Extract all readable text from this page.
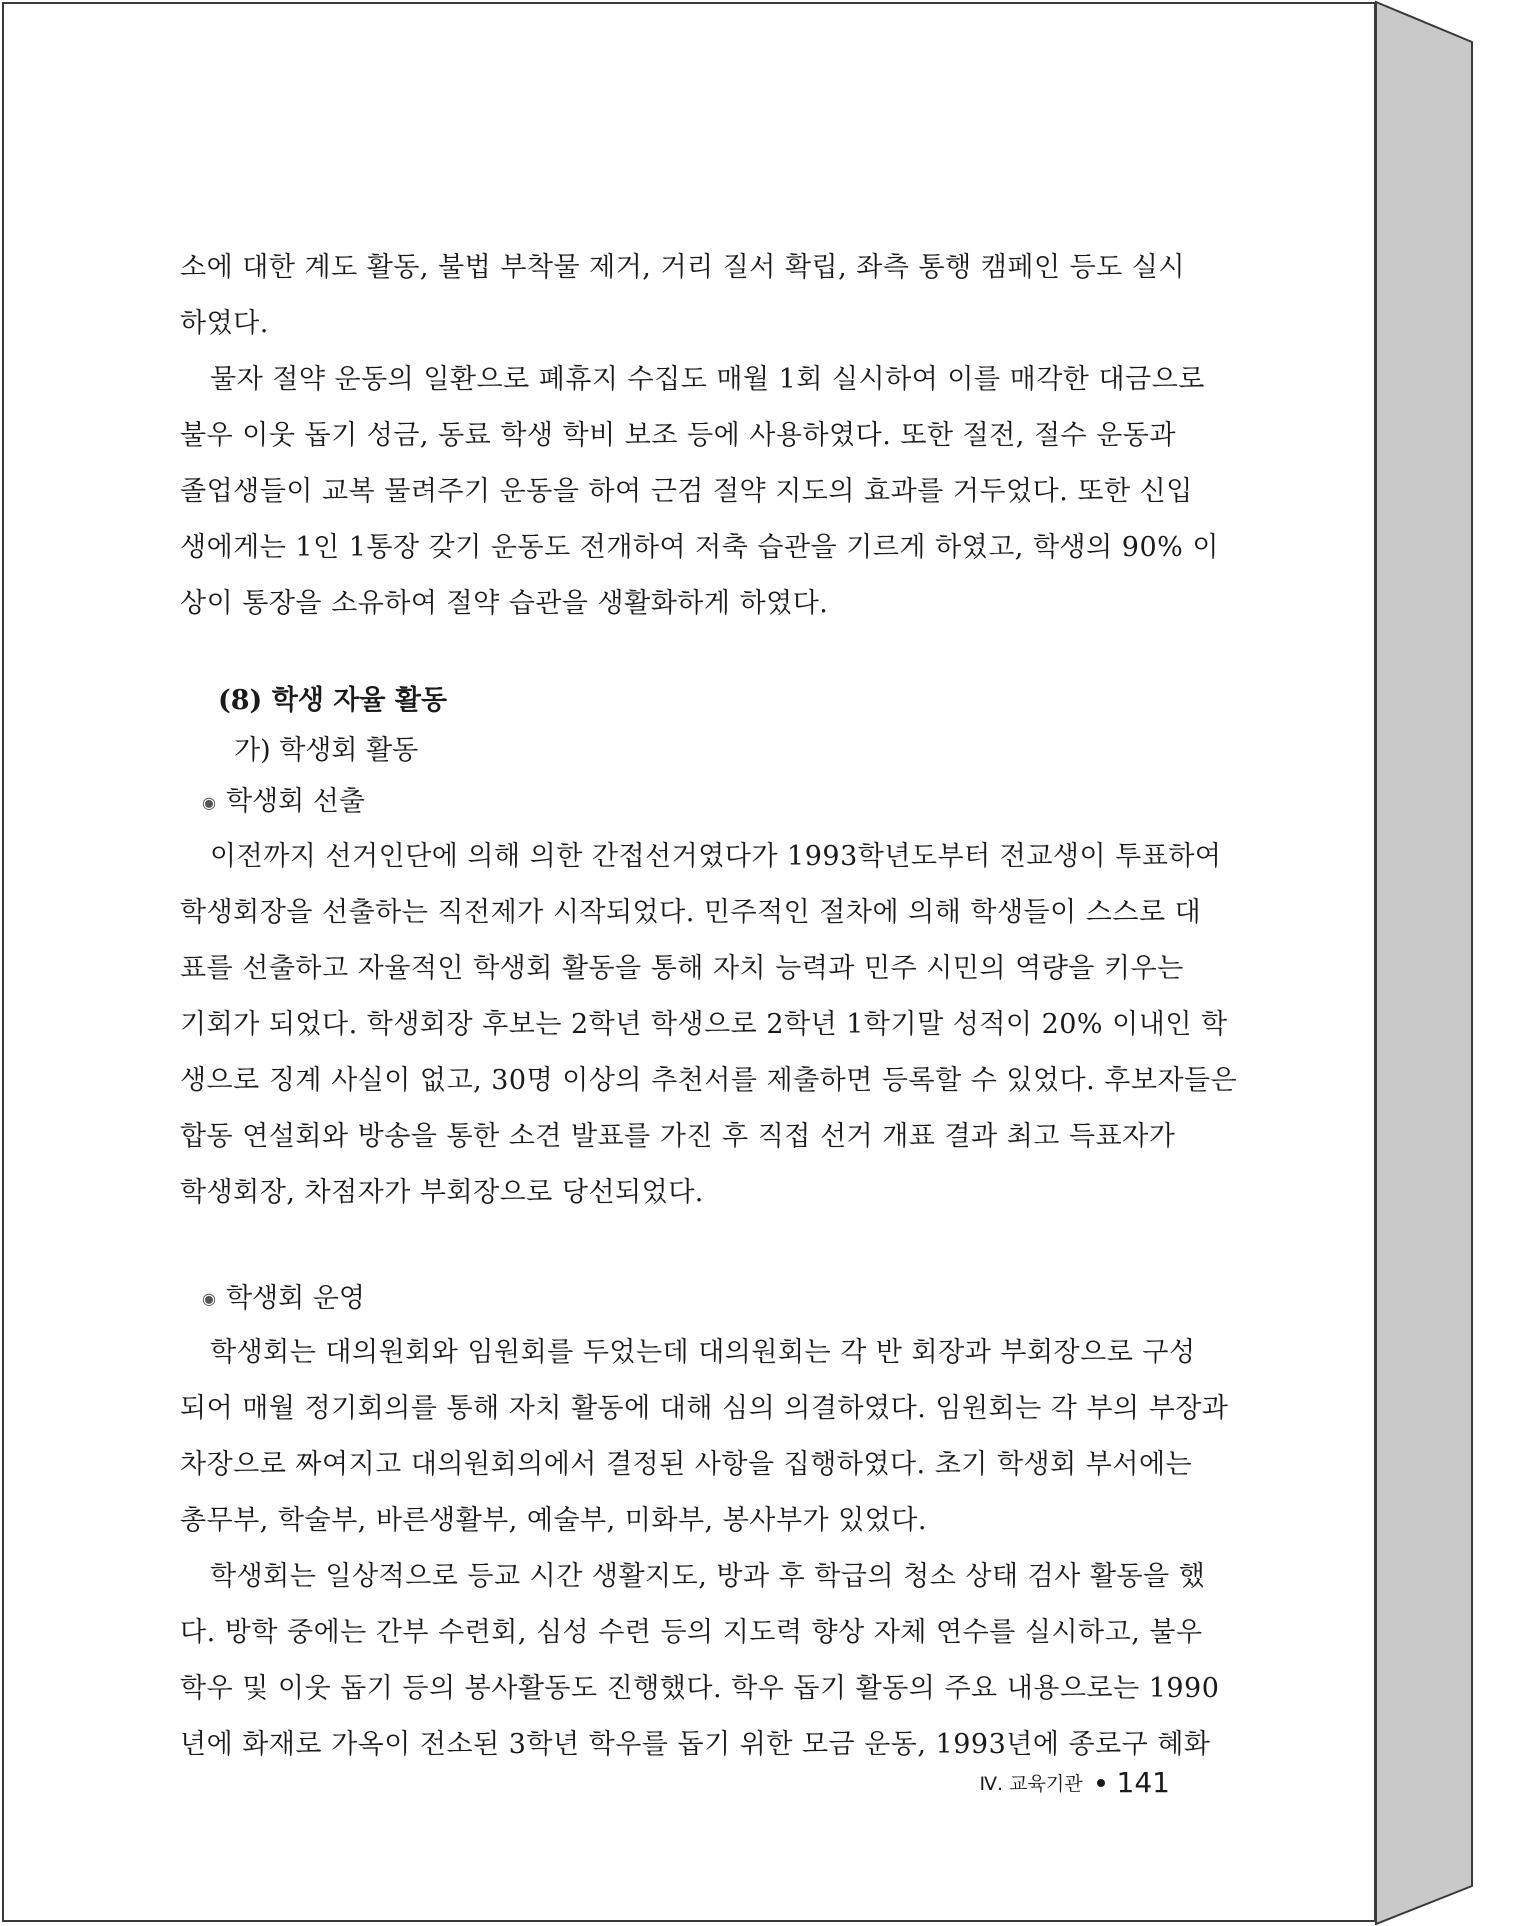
소에 대한 계도 활동, 불법 부착물 제거, 거리 질서 확립, 좌측 통행 캠페인 등도 실시
하였다.
물자 절약 운동의 일환으로 폐휴지 수집도 매월 1회 실시하여 이를 매각한 대금으로
불우 이웃 돕기 성금, 동료 학생 학비 보조 등에 사용하였다. 또한 절전, 절수 운동과
졸업생들이 교복 물려주기 운동을 하여 근검 절약 지도의 효과를 거두었다. 또한 신입
생에게는 1인 1통장 갖기 운동도 전개하여 저축 습관을 기르게 하였고, 학생의 90% 이
상이 통장을 소유하여 절약 습관을 생활화하게 하였다.
(8) 학생 자율 활동
가) 학생회 활동
◉ 학생회 선출
이전까지 선거인단에 의해 의한 간접선거였다가 1993학년도부터 전교생이 투표하여
학생회장을 선출하는 직전제가 시작되었다. 민주적인 절차에 의해 학생들이 스스로 대
표를 선출하고 자율적인 학생회 활동을 통해 자치 능력과 민주 시민의 역량을 키우는
기회가 되었다. 학생회장 후보는 2학년 학생으로 2학년 1학기말 성적이 20% 이내인 학
생으로 징계 사실이 없고, 30명 이상의 추천서를 제출하면 등록할 수 있었다. 후보자들은
합동 연설회와 방송을 통한 소견 발표를 가진 후 직접 선거 개표 결과 최고 득표자가
학생회장, 차점자가 부회장으로 당선되었다.
◉ 학생회 운영
학생회는 대의원회와 임원회를 두었는데 대의원회는 각 반 회장과 부회장으로 구성
되어 매월 정기회의를 통해 자치 활동에 대해 심의 의결하였다. 임원회는 각 부의 부장과
차장으로 짜여지고 대의원회의에서 결정된 사항을 집행하였다. 초기 학생회 부서에는
총무부, 학술부, 바른생활부, 예술부, 미화부, 봉사부가 있었다.
학생회는 일상적으로 등교 시간 생활지도, 방과 후 학급의 청소 상태 검사 활동을 했
다. 방학 중에는 간부 수련회, 심성 수련 등의 지도력 향상 자체 연수를 실시하고, 불우
학우 및 이웃 돕기 등의 봉사활동도 진행했다. 학우 돕기 활동의 주요 내용으로는 1990
년에 화재로 가옥이 전소된 3학년 학우를 돕기 위한 모금 운동, 1993년에 종로구 혜화
Ⅳ. 교육기관 141
